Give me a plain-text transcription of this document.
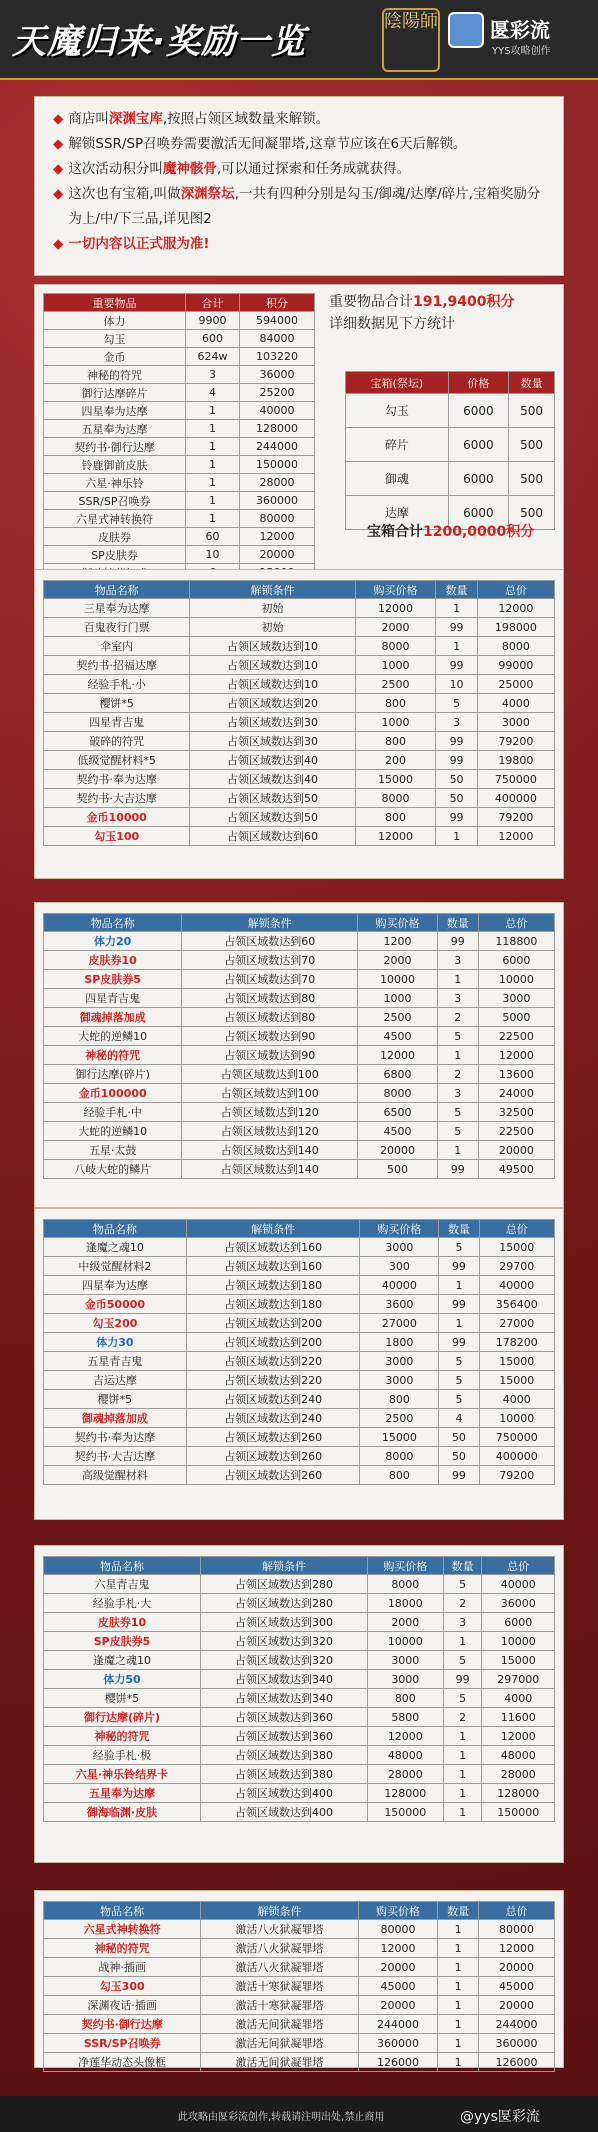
天魔归来·奖励一览
陰陽師	匽彩流
YYS攻略创作
◆ 商店叫深渊宝库,按照占领区域数量来解锁。
◆ 解锁SSR/SP召唤券需要激活无间凝罪塔,这章节应该在6天后解锁。
◆ 这次活动积分叫魔神骸骨,可以通过探索和任务成就获得。
◆ 这次也有宝箱,叫做深渊祭坛,一共有四种分别是勾玉/御魂/达摩/碎片,宝箱奖励分为上/中/下三品,详见图2
◆ 一切内容以正式服为准!
重要物品	合计	积分
体力	9900	594000
勾玉	600	84000
金币	624w	103220
神秘的符咒	3	36000
御行达摩碎片	4	25200
四星奉为达摩	1	40000
五星奉为达摩	1	128000
契约书·御行达摩	1	244000
铃鹿御前皮肤	1	150000
六星·神乐铃	1	28000
SSR/SP召唤券	1	360000
六星式神转换符	1	80000
皮肤券	60	12000
SP皮肤券	10	20000

重要物品合计191,9400积分
详细数据见下方统计
宝箱(祭坛)	价格	数量
勾玉	6000	500
碎片	6000	500
御魂	6000	500
达摩	6000	500
宝箱合计1200,0000积分
物品名称	解锁条件	购买价格	数量	总价
三星奉为达摩	初始	12000	1	12000
百鬼夜行门票	初始	2000	99	198000
伞室内	占领区域数达到10	8000	1	8000
契约书·招福达摩	占领区域数达到10	1000	99	99000
经验手札·小	占领区域数达到10	2500	10	25000
樱饼*5	占领区域数达到20	800	5	4000
四星青吉鬼	占领区域数达到30	1000	3	3000
破碎的符咒	占领区域数达到30	800	99	79200
低级觉醒材料*5	占领区域数达到40	200	99	19800
契约书·奉为达摩	占领区域数达到40	15000	50	750000
契约书·大吉达摩	占领区域数达到50	8000	50	400000
金币10000	占领区域数达到50	800	99	79200
勾玉100	占领区域数达到60	12000	1	12000
物品名称	解锁条件	购买价格	数量	总价
体力20	占领区域数达到60	1200	99	118800
皮肤券10	占领区域数达到70	2000	3	6000
SP皮肤券5	占领区域数达到70	10000	1	10000
四星青吉鬼	占领区域数达到80	1000	3	3000
御魂掉落加成	占领区域数达到80	2500	2	5000
大蛇的逆鳞10	占领区域数达到90	4500	5	22500
神秘的符咒	占领区域数达到90	12000	1	12000
御行达摩(碎片)	占领区域数达到100	6800	2	13600
金币100000	占领区域数达到100	8000	3	24000
经验手札·中	占领区域数达到120	6500	5	32500
大蛇的逆鳞10	占领区域数达到120	4500	5	22500
五星·太鼓	占领区域数达到140	20000	1	20000
八岐大蛇的鳞片	占领区域数达到140	500	99	49500
物品名称	解锁条件	购买价格	数量	总价
逢魔之魂10	占领区域数达到160	3000	5	15000
中级觉醒材料2	占领区域数达到160	300	99	29700
四星奉为达摩	占领区域数达到180	40000	1	40000
金币50000	占领区域数达到180	3600	99	356400
勾玉200	占领区域数达到200	27000	1	27000
体力30	占领区域数达到200	1800	99	178200
五星青吉鬼	占领区域数达到220	3000	5	15000
吉运达摩	占领区域数达到220	3000	5	15000
樱饼*5	占领区域数达到240	800	5	4000
御魂掉落加成	占领区域数达到240	2500	4	10000
契约书·奉为达摩	占领区域数达到260	15000	50	750000
契约书·大吉达摩	占领区域数达到260	8000	50	400000
高级觉醒材料	占领区域数达到260	800	99	79200
物品名称	解锁条件	购买价格	数量	总价
六星青吉鬼	占领区域数达到280	8000	5	40000
经验手札·大	占领区域数达到280	18000	2	36000
皮肤券10	占领区域数达到300	2000	3	6000
SP皮肤券5	占领区域数达到320	10000	1	10000
逢魔之魂10	占领区域数达到320	3000	5	15000
体力50	占领区域数达到340	3000	99	297000
樱饼*5	占领区域数达到340	800	5	4000
御行达摩(碎片)	占领区域数达到360	5800	2	11600
神秘的符咒	占领区域数达到360	12000	1	12000
经验手札·极	占领区域数达到380	48000	1	48000
六星·神乐铃结界卡	占领区域数达到380	28000	1	28000
五星奉为达摩	占领区域数达到400	128000	1	128000
御海临渊·皮肤	占领区域数达到400	150000	1	150000
物品名称	解锁条件	购买价格	数量	总价
六星式神转换符	激活八火狱凝罪塔	80000	1	80000
神秘的符咒	激活八火狱凝罪塔	12000	1	12000
战神·插画	激活八火狱凝罪塔	20000	1	20000
勾玉300	激活十寒狱凝罪塔	45000	1	45000
深渊夜话·插画	激活十寒狱凝罪塔	20000	1	20000
契约书·御行达摩	激活无间狱凝罪塔	244000	1	244000
SSR/SP召唤券	激活无间狱凝罪塔	360000	1	360000
净莲华动态头像框	激活无间狱凝罪塔	126000	1	126000
此攻略由匽彩流创作,转载请注明出处,禁止商用	@yys匽彩流
